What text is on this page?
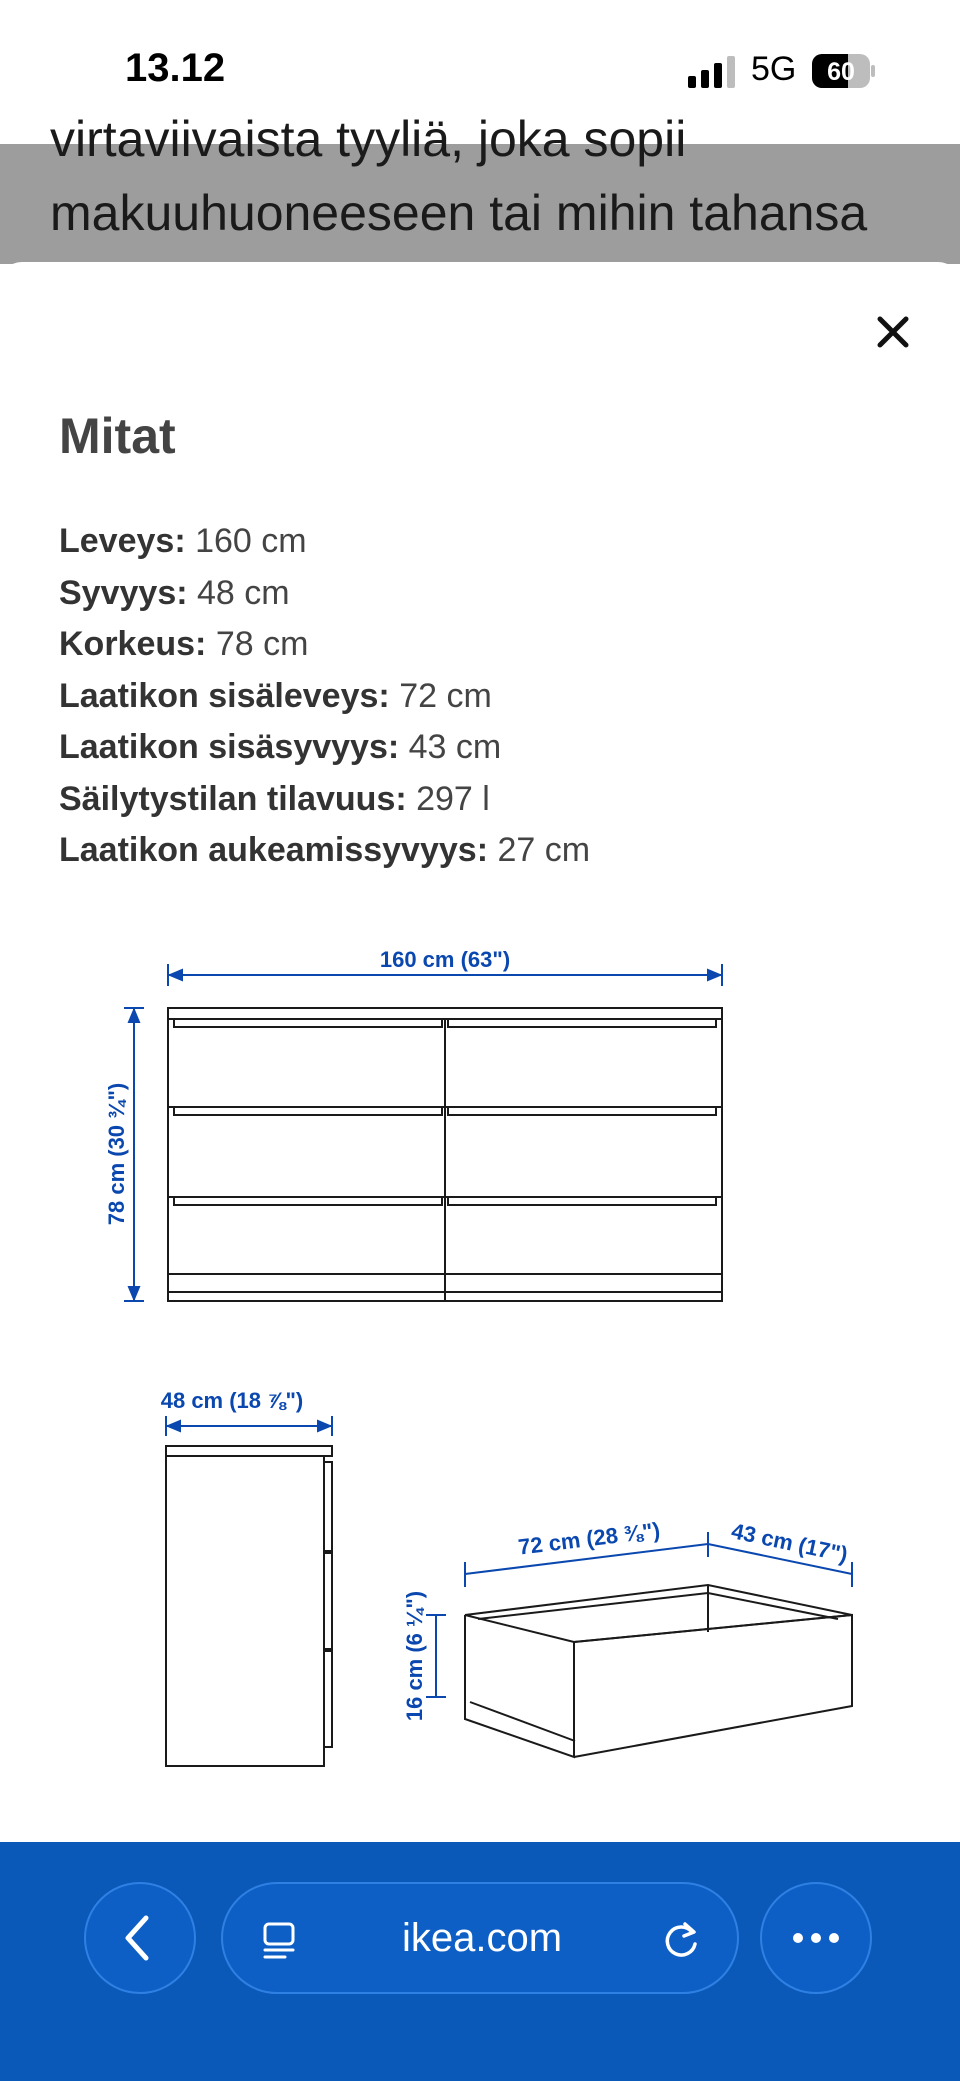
13.12	5G 60
virtaviivaista tyyliä, joka sopii
makuuhuoneeseen tai mihin tahansa
Mitat
Leveys: 160 cm
Syvyys: 48 cm
Korkeus: 78 cm
Laatikon sisäleveys: 72 cm
Laatikon sisäsyvyys: 43 cm
Säilytystilan tilavuus: 297 l
Laatikon aukeamissyvyys: 27 cm
160 cm (63")
78 cm (30 ¾")
48 cm (18 ⅞")
72 cm (28 ⅜")	43 cm (17")
16 cm (6 ¼")
ikea.com
